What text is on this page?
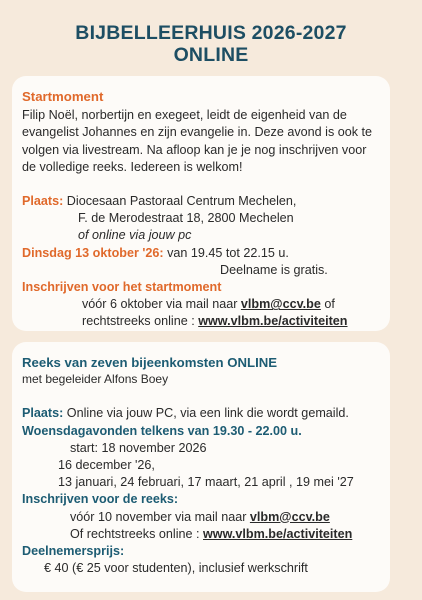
BIJBELLEERHUIS 2026-2027
ONLINE
Startmoment
Filip Noël, norbertijn en exegeet, leidt de eigenheid van de
evangelist Johannes en zijn evangelie in. Deze avond is ook te
volgen via livestream. Na afloop kan je je nog inschrijven voor
de volledige reeks. Iedereen is welkom!
Plaats: Diocesaan Pastoraal Centrum Mechelen,
F. de Merodestraat 18, 2800 Mechelen
of online via jouw pc
Dinsdag 13 oktober '26: van 19.45 tot 22.15 u.
Deelname is gratis.
Inschrijven voor het startmoment
vóór 6 oktober via mail naar vlbm@ccv.be of
rechtstreeks online : www.vlbm.be/activiteiten
Reeks van zeven bijeenkomsten ONLINE
met begeleider Alfons Boey
Plaats: Online via jouw PC, via een link die wordt gemaild.
Woensdagavonden telkens van 19.30 - 22.00 u.
start: 18 november 2026
16 december '26,
13 januari, 24 februari, 17 maart, 21 april , 19 mei '27
Inschrijven voor de reeks:
vóór 10 november via mail naar vlbm@ccv.be
Of rechtstreeks online : www.vlbm.be/activiteiten
Deelnemersprijs:
€ 40 (€ 25 voor studenten), inclusief werkschrift
